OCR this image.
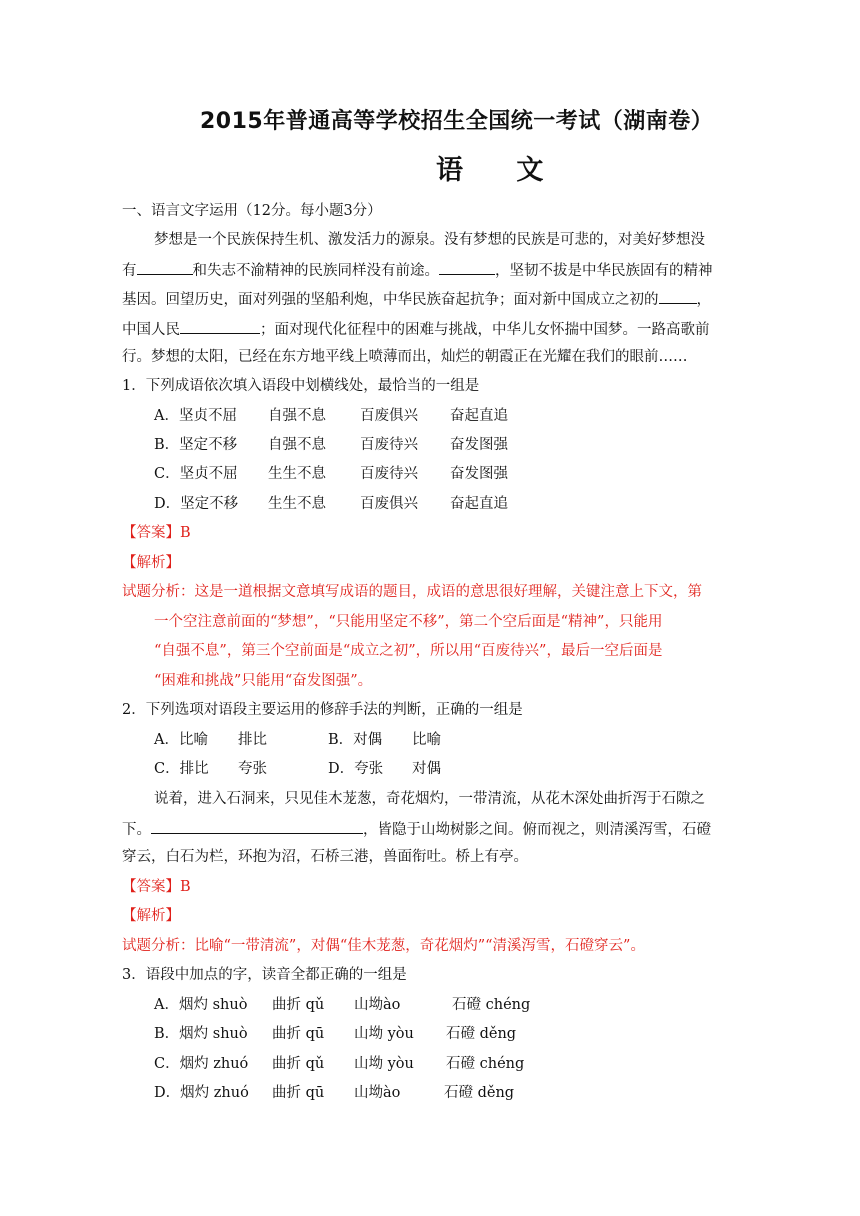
2015年普通高等学校招生全国统一考试（湖南卷）
语 文
一、语言文字运用（12分。每小题3分）
梦想是一个民族保持生机、激发活力的源泉。没有梦想的民族是可悲的，对美好梦想没
有	和失志不渝精神的民族同样没有前途。	，坚韧不拔是中华民族固有的精神
基因。回望历史，面对列强的坚船利炮，中华民族奋起抗争；面对新中国成立之初的	，
中国人民	；面对现代化征程中的困难与挑战，中华儿女怀揣中国梦。一路高歌前
行。梦想的太阳，已经在东方地平线上喷薄而出，灿烂的朝霞正在光耀在我们的眼前……
1．下列成语依次填入语段中划横线处，最恰当的一组是
A．坚贞不屈 自强不息 百废俱兴 奋起直追
B．坚定不移 自强不息 百废待兴 奋发图强
C．坚贞不屈 生生不息 百废待兴 奋发图强
D．坚定不移 生生不息 百废俱兴 奋起直追
【答案】B
【解析】
试题分析：这是一道根据文意填写成语的题目，成语的意思很好理解，关键注意上下文，第
一个空注意前面的“梦想”，“只能用坚定不移”，第二个空后面是“精神”，只能用
“自强不息”，第三个空前面是“成立之初”，所以用“百废待兴”，最后一空后面是
“困难和挑战”只能用“奋发图强”。
2．下列选项对语段主要运用的修辞手法的判断，正确的一组是
A．比喻 排比	B．对偶 比喻
C．排比 夸张	D．夸张 对偶
说着，进入石洞来，只见佳木茏葱，奇花烟灼，一带清流，从花木深处曲折泻于石隙之
下。	，皆隐于山坳树影之间。俯而视之，则清溪泻雪，石磴
穿云，白石为栏，环抱为沼，石桥三港，兽面衔吐。桥上有亭。
【答案】B
【解析】
试题分析：比喻“一带清流”，对偶“佳木茏葱，奇花烟灼”“清溪泻雪，石磴穿云”。
3．语段中加点的字，读音全都正确的一组是
A．烟灼 shuò 曲折 qǔ 山坳ào	石磴 chéng
B．烟灼 shuò 曲折 qū 山坳 yòu 石磴 děng
C．烟灼 zhuó 曲折 qǔ 山坳 yòu 石磴 chéng
D．烟灼 zhuó 曲折 qū 山坳ào	石磴 děng
